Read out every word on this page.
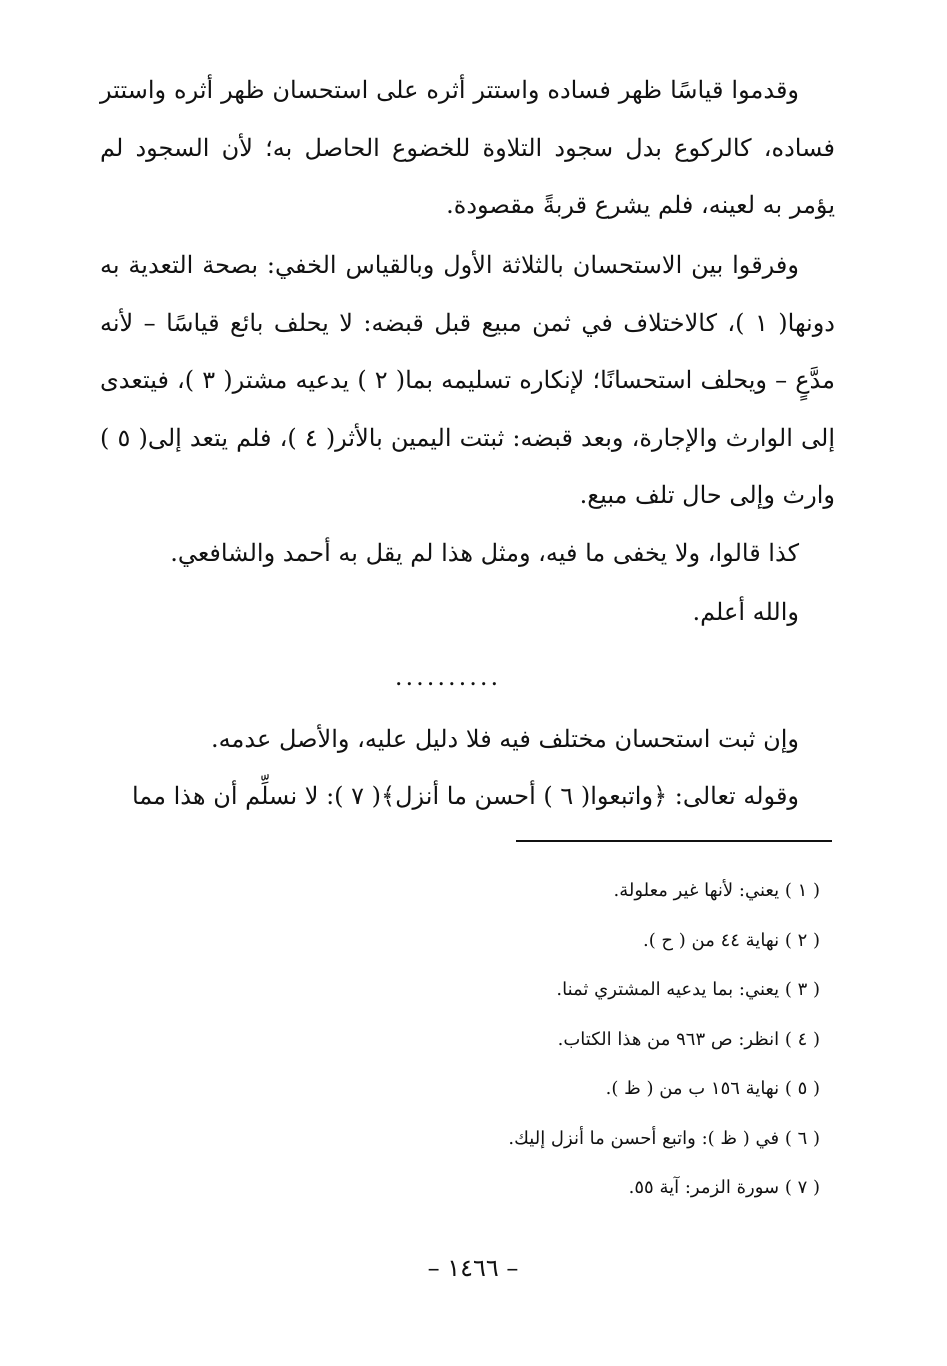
وقدموا قياسًا ظهر فساده واستتر أثره على استحسان ظهر أثره واستتر فساده، كالركوع بدل سجود التلاوة للخضوع الحاصل به؛ لأن السجود لم يؤمر به لعينه، فلم يشرع قربةً مقصودة.

وفرقوا بين الاستحسان بالثلاثة الأول وبالقياس الخفي: بصحة التعدية به دونها( ١ )، كالاختلاف في ثمن مبيع قبل قبضه: لا يحلف بائع قياسًا – لأنه مدَّعٍ – ويحلف استحسانًا؛ لإنكاره تسليمه بما( ٢ ) يدعيه مشتر( ٣ )، فيتعدى إلى الوارث والإجارة، وبعد قبضه: ثبتت اليمين بالأثر( ٤ )، فلم يتعد إلى( ٥ ) وارث وإلى حال تلف مبيع.

كذا قالوا، ولا يخفى ما فيه، ومثل هذا لم يقل به أحمد والشافعي.

والله أعلم.

..........

وإن ثبت استحسان مختلف فيه فلا دليل عليه، والأصل عدمه.

وقوله تعالى: ﴿واتبعوا( ٦ ) أحسن ما أنزل﴾( ٧ ): لا نسلِّم أن هذا مما

( ١ ) يعني: لأنها غير معلولة.
( ٢ ) نهاية ٤٤ من ( ح ).
( ٣ ) يعني: بما يدعيه المشتري ثمنا.
( ٤ ) انظر: ص ٩٦٣ من هذا الكتاب.
( ٥ ) نهاية ١٥٦ ب من ( ظ ).
( ٦ ) في ( ظ ): واتبع أحسن ما أنزل إليك.
( ٧ ) سورة الزمر: آية ٥٥.
– ١٤٦٦ –
